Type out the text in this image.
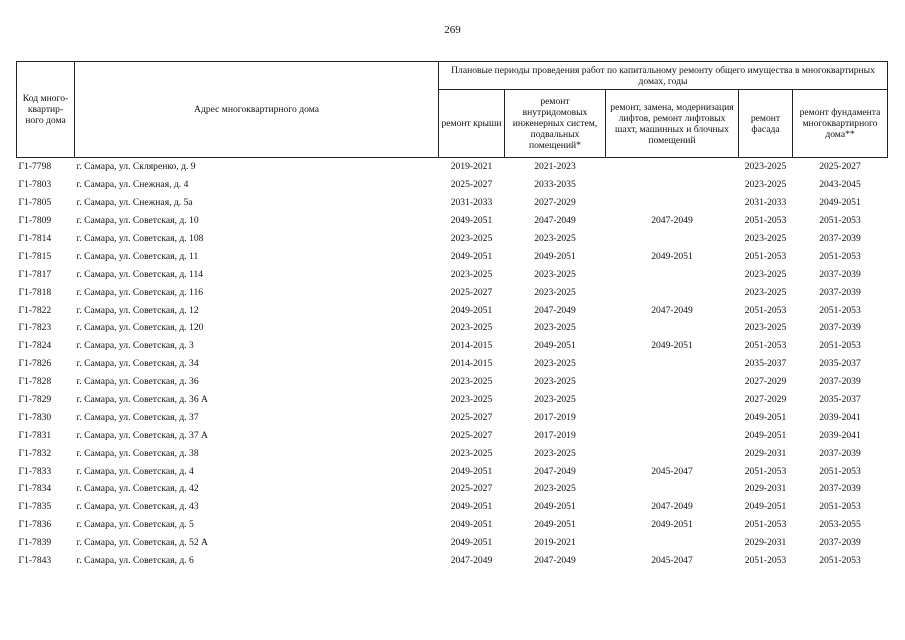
269
Код много-квартир-ного дома	Адрес многоквартирного дома	Плановые периоды проведения работ по капитальному ремонту общего имущества в многоквартирных домах, годы				
		ремонт крыши	ремонт внутридомовых инженерных систем, подвальных помещений*	ремонт, замена, модернизация лифтов, ремонт лифтовых шахт, машинных и блочных помещений	ремонт фасада	ремонт фундамента многоквартирного дома**
Г1-7798	г. Самара, ул. Скляренко, д. 9	2019-2021	2021-2023		2023-2025	2025-2027
Г1-7803	г. Самара, ул. Снежная, д. 4	2025-2027	2033-2035		2023-2025	2043-2045
Г1-7805	г. Самара, ул. Снежная, д. 5а	2031-2033	2027-2029		2031-2033	2049-2051
Г1-7809	г. Самара, ул. Советская, д. 10	2049-2051	2047-2049	2047-2049	2051-2053	2051-2053
Г1-7814	г. Самара, ул. Советская, д. 108	2023-2025	2023-2025		2023-2025	2037-2039
Г1-7815	г. Самара, ул. Советская, д. 11	2049-2051	2049-2051	2049-2051	2051-2053	2051-2053
Г1-7817	г. Самара, ул. Советская, д. 114	2023-2025	2023-2025		2023-2025	2037-2039
Г1-7818	г. Самара, ул. Советская, д. 116	2025-2027	2023-2025		2023-2025	2037-2039
Г1-7822	г. Самара, ул. Советская, д. 12	2049-2051	2047-2049	2047-2049	2051-2053	2051-2053
Г1-7823	г. Самара, ул. Советская, д. 120	2023-2025	2023-2025		2023-2025	2037-2039
Г1-7824	г. Самара, ул. Советская, д. 3	2014-2015	2049-2051	2049-2051	2051-2053	2051-2053
Г1-7826	г. Самара, ул. Советская, д. 34	2014-2015	2023-2025		2035-2037	2035-2037
Г1-7828	г. Самара, ул. Советская, д. 36	2023-2025	2023-2025		2027-2029	2037-2039
Г1-7829	г. Самара, ул. Советская, д. 36 А	2023-2025	2023-2025		2027-2029	2035-2037
Г1-7830	г. Самара, ул. Советская, д. 37	2025-2027	2017-2019		2049-2051	2039-2041
Г1-7831	г. Самара, ул. Советская, д. 37 А	2025-2027	2017-2019		2049-2051	2039-2041
Г1-7832	г. Самара, ул. Советская, д. 38	2023-2025	2023-2025		2029-2031	2037-2039
Г1-7833	г. Самара, ул. Советская, д. 4	2049-2051	2047-2049	2045-2047	2051-2053	2051-2053
Г1-7834	г. Самара, ул. Советская, д. 42	2025-2027	2023-2025		2029-2031	2037-2039
Г1-7835	г. Самара, ул. Советская, д. 43	2049-2051	2049-2051	2047-2049	2049-2051	2051-2053
Г1-7836	г. Самара, ул. Советская, д. 5	2049-2051	2049-2051	2049-2051	2051-2053	2053-2055
Г1-7839	г. Самара, ул. Советская, д. 52 А	2049-2051	2019-2021		2029-2031	2037-2039
Г1-7843	г. Самара, ул. Советская, д. 6	2047-2049	2047-2049	2045-2047	2051-2053	2051-2053
